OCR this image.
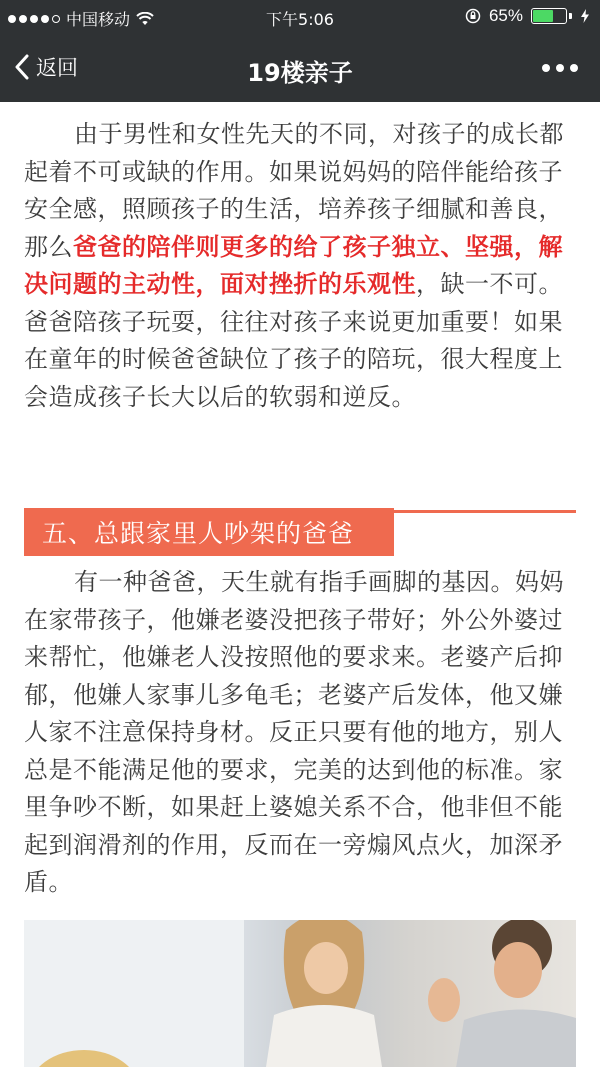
中国移动	下午5:06	65%
返回	19楼亲子
由于男性和女性先天的不同，对孩子的成长都起着不可或缺的作用。如果说妈妈的陪伴能给孩子安全感，照顾孩子的生活，培养孩子细腻和善良，那么爸爸的陪伴则更多的给了孩子独立、坚强，解决问题的主动性，面对挫折的乐观性，缺一不可。爸爸陪孩子玩耍，往往对孩子来说更加重要！如果在童年的时候爸爸缺位了孩子的陪玩，很大程度上会造成孩子长大以后的软弱和逆反。
五、总跟家里人吵架的爸爸
有一种爸爸，天生就有指手画脚的基因。妈妈在家带孩子，他嫌老婆没把孩子带好；外公外婆过来帮忙，他嫌老人没按照他的要求来。老婆产后抑郁，他嫌人家事儿多龟毛；老婆产后发体，他又嫌人家不注意保持身材。反正只要有他的地方，别人总是不能满足他的要求，完美的达到他的标准。家里争吵不断，如果赶上婆媳关系不合，他非但不能起到润滑剂的作用，反而在一旁煽风点火，加深矛盾。
